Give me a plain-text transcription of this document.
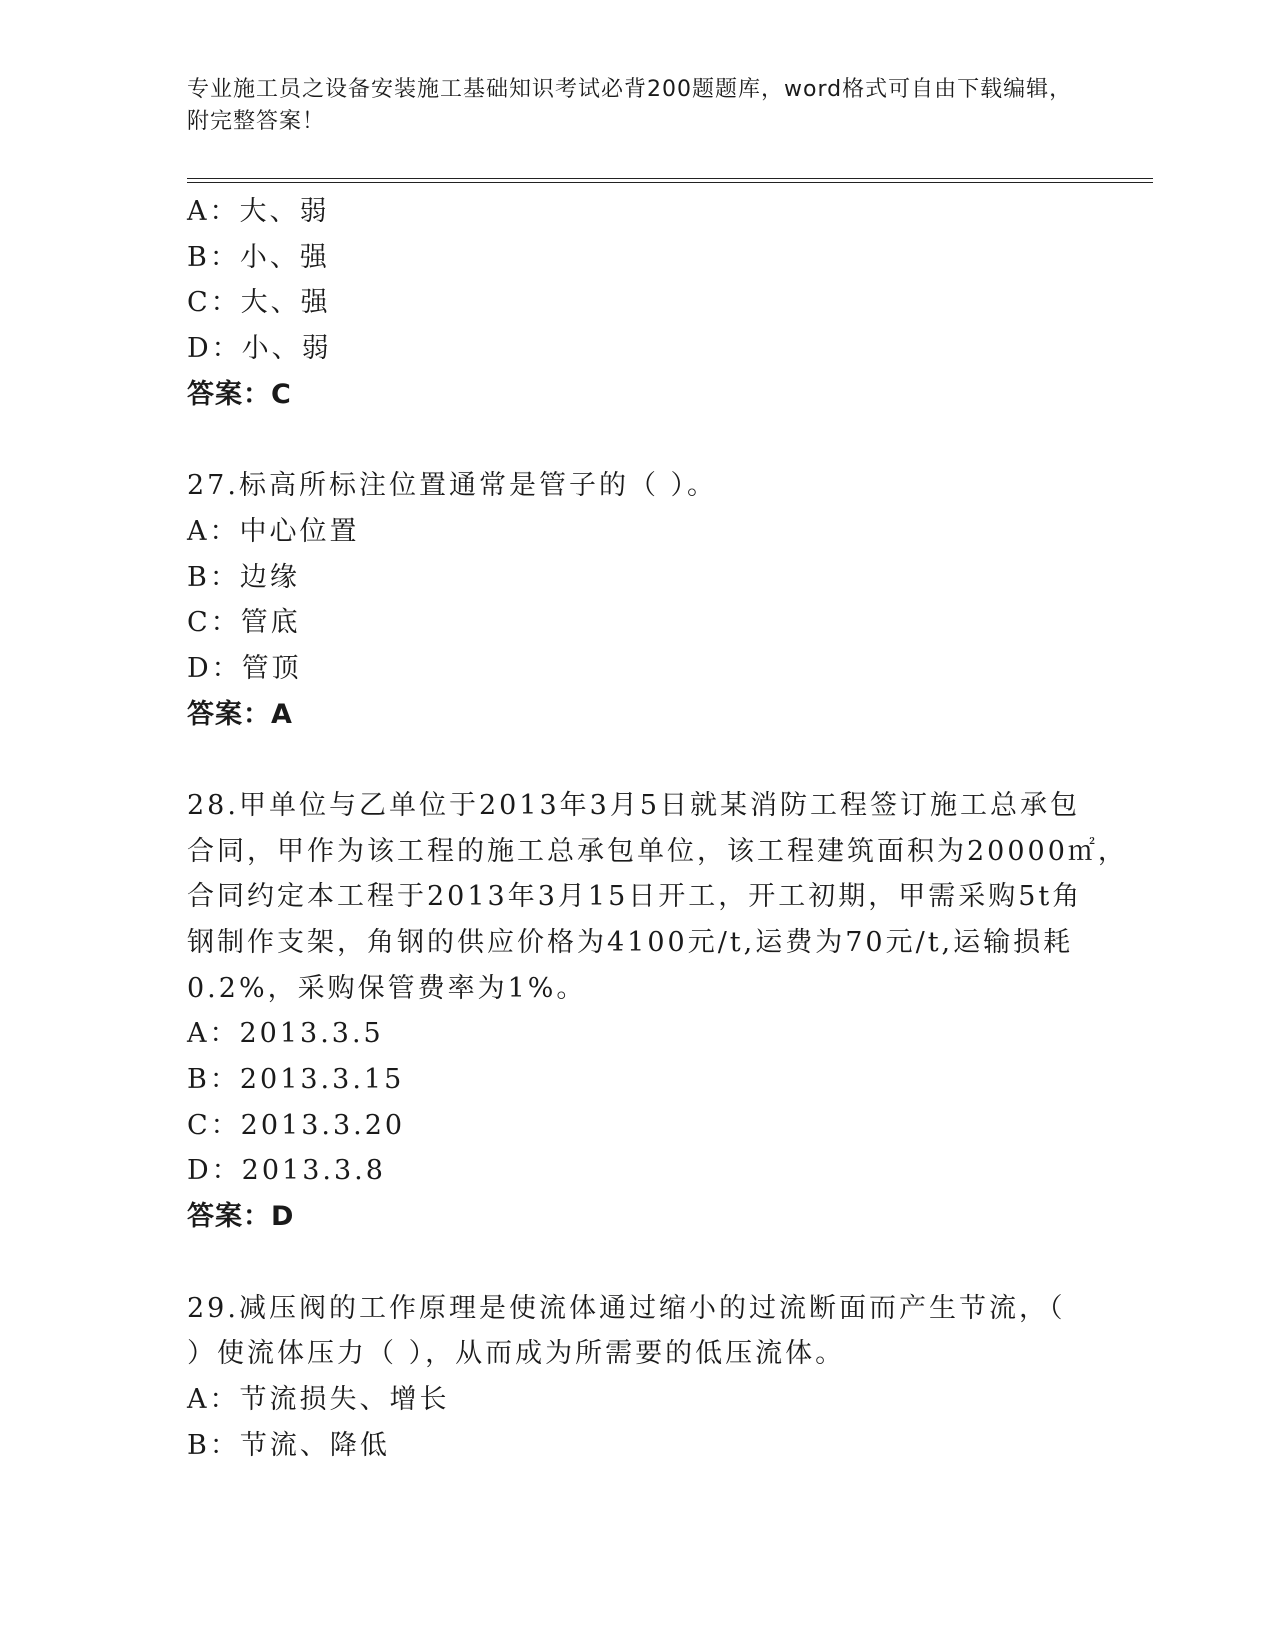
专业施工员之设备安装施工基础知识考试必背200题题库，word格式可自由下载编辑，附完整答案！
A：大、弱
B：小、强
C：大、强
D：小、弱
答案：C
27.标高所标注位置通常是管子的（ ）。
A：中心位置
B：边缘
C：管底
D：管顶
答案：A
28.甲单位与乙单位于2013年3月5日就某消防工程签订施工总承包
合同，甲作为该工程的施工总承包单位，该工程建筑面积为20000㎡，
合同约定本工程于2013年3月15日开工，开工初期，甲需采购5t角
钢制作支架，角钢的供应价格为4100元/t,运费为70元/t,运输损耗
0.2%，采购保管费率为1%。
A：2013.3.5
B：2013.3.15
C：2013.3.20
D：2013.3.8
答案：D
29.减压阀的工作原理是使流体通过缩小的过流断面而产生节流，（
）使流体压力（ ），从而成为所需要的低压流体。
A：节流损失、增长
B：节流、降低
